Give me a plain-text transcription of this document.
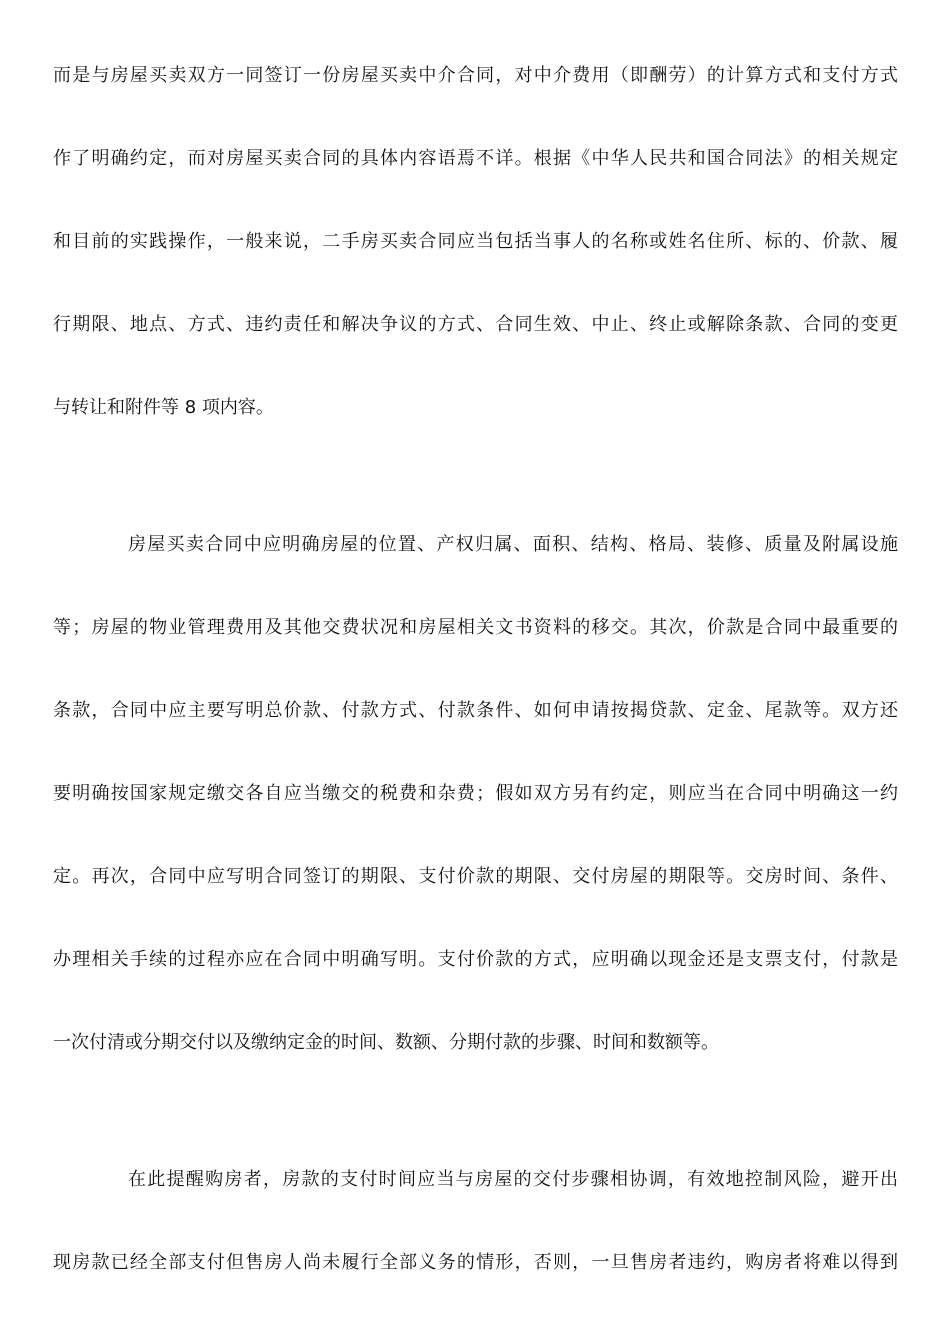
而是与房屋买卖双方一同签订一份房屋买卖中介合同，对中介费用（即酬劳）的计算方式和支付方式
作了明确约定，而对房屋买卖合同的具体内容语焉不详。根据《中华人民共和国合同法》的相关规定
和目前的实践操作，一般来说，二手房买卖合同应当包括当事人的名称或姓名住所、标的、价款、履
行期限、地点、方式、违约责任和解决争议的方式、合同生效、中止、终止或解除条款、合同的变更
与转让和附件等 8 项内容。
房屋买卖合同中应明确房屋的位置、产权归属、面积、结构、格局、装修、质量及附属设施
等；房屋的物业管理费用及其他交费状况和房屋相关文书资料的移交。其次，价款是合同中最重要的
条款，合同中应主要写明总价款、付款方式、付款条件、如何申请按揭贷款、定金、尾款等。双方还
要明确按国家规定缴交各自应当缴交的税费和杂费；假如双方另有约定，则应当在合同中明确这一约
定。再次，合同中应写明合同签订的期限、支付价款的期限、交付房屋的期限等。交房时间、条件、
办理相关手续的过程亦应在合同中明确写明。支付价款的方式，应明确以现金还是支票支付，付款是
一次付清或分期交付以及缴纳定金的时间、数额、分期付款的步骤、时间和数额等。
在此提醒购房者，房款的支付时间应当与房屋的交付步骤相协调，有效地控制风险，避开出
现房款已经全部支付但售房人尚未履行全部义务的情形，否则，一旦售房者违约，购房者将难以得到
